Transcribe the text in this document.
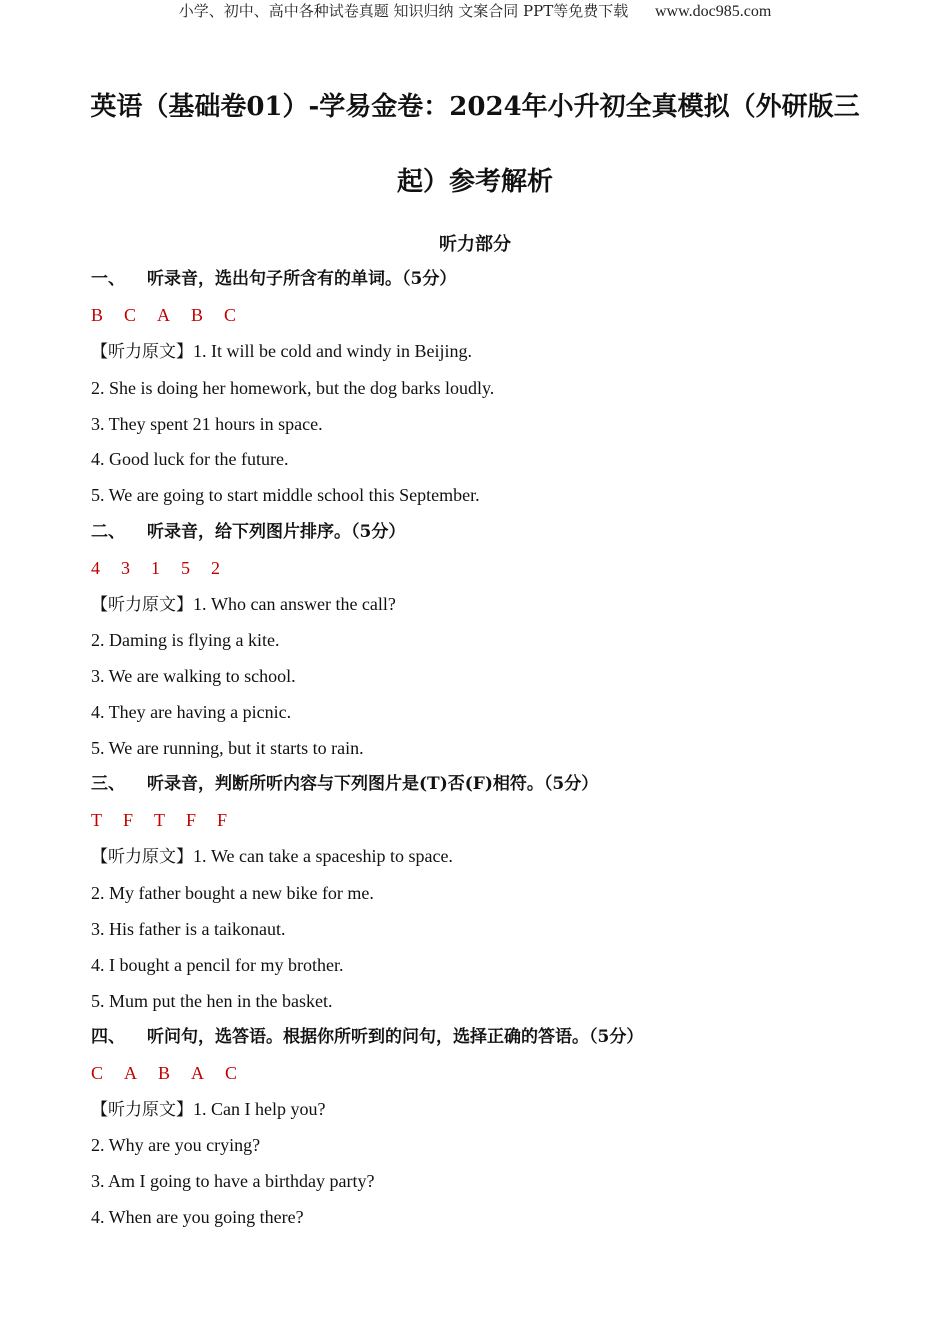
小学、初中、高中各种试卷真题 知识归纳 文案合同 PPT等免费下载 www.doc985.com
英语（基础卷01）-学易金卷：2024年小升初全真模拟（外研版三
起）参考解析
听力部分
一、 听录音，选出句子所含有的单词。（5分）
B C A B C
【听力原文】1. It will be cold and windy in Beijing.
2. She is doing her homework, but the dog barks loudly.
3. They spent 21 hours in space.
4. Good luck for the future.
5. We are going to start middle school this September.
二、 听录音，给下列图片排序。（5分）
4 3 1 5 2
【听力原文】1. Who can answer the call?
2. Daming is flying a kite.
3. We are walking to school.
4. They are having a picnic.
5. We are running, but it starts to rain.
三、 听录音，判断所听内容与下列图片是(T)否(F)相符。（5分）
T F T F F
【听力原文】1. We can take a spaceship to space.
2. My father bought a new bike for me.
3. His father is a taikonaut.
4. I bought a pencil for my brother.
5. Mum put the hen in the basket.
四、 听问句，选答语。根据你所听到的问句，选择正确的答语。（5分）
C A B A C
【听力原文】1. Can I help you?
2. Why are you crying?
3. Am I going to have a birthday party?
4. When are you going there?
